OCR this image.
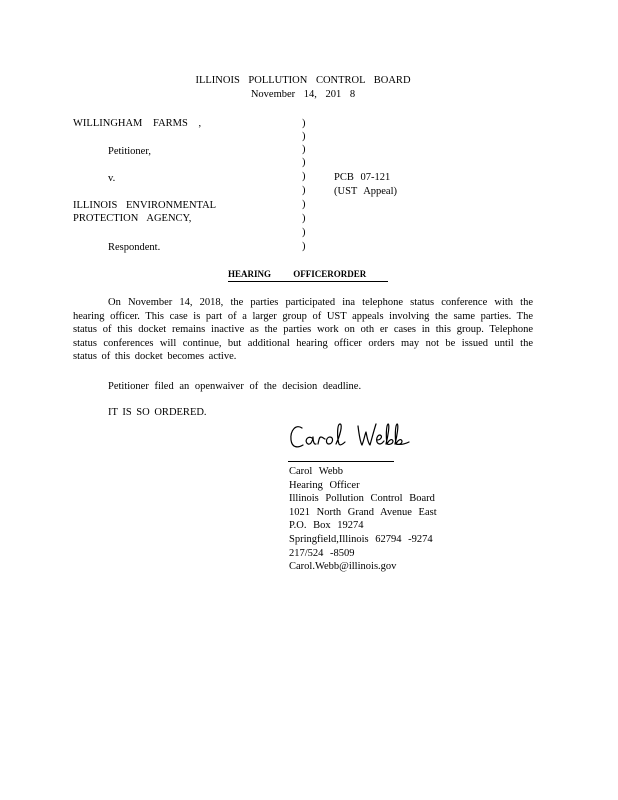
ILLINOIS POLLUTION CONTROL BOARD
November 14, 201 8
WILLINGHAM FARMS ,
Petitioner,
v.
ILLINOIS ENVIRONMENTAL
PROTECTION AGENCY,
Respondent.
)
)
)
)
)
)
)
)
)
)
PCB 07-121
(UST Appeal)
HEARING OFFICERORDER
On November 14, 2018, the parties participated ina telephone status conference with the hearing officer. This case is part of a larger group of UST appeals involving the same parties. The status of this docket remains inactive as the parties work on oth er cases in this group. Telephone status conferences will continue, but additional hearing officer orders may not be issued until the status of this docket becomes active.
Petitioner filed an openwaiver of the decision deadline.
IT IS SO ORDERED.
Carol Webb
Hearing Officer
Illinois Pollution Control Board
1021 North Grand Avenue East
P.O. Box 19274
Springfield,Illinois 62794 -9274
217/524 -8509
Carol.Webb@illinois.gov
